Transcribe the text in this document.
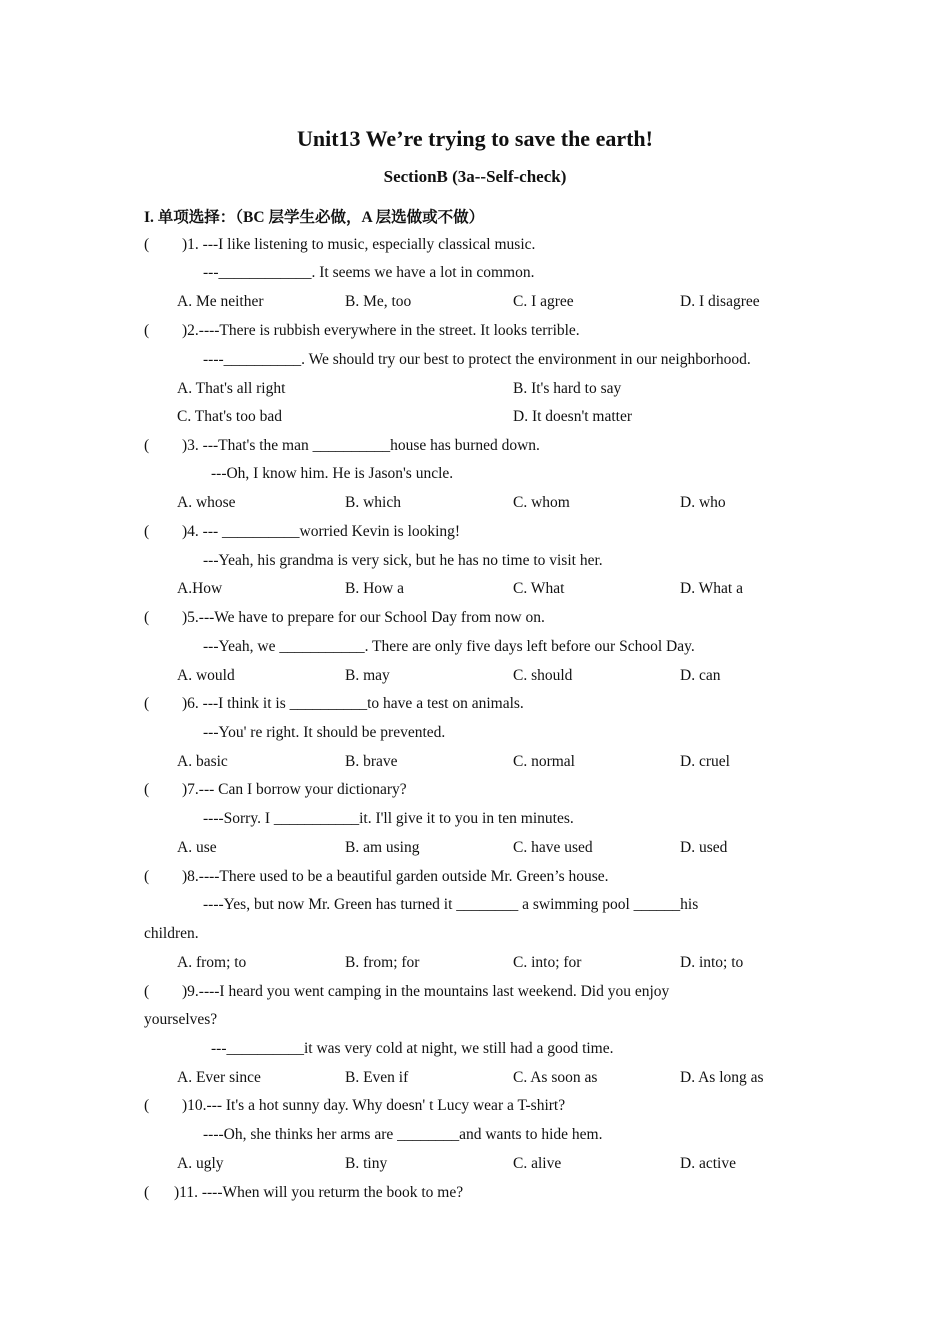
Unit13 We’re trying to save the earth!
SectionB (3a--Self-check)
I. 单项选择：（BC 层学生必做，A 层选做或不做）
( )1. ---I like listening to music, especially classical music.
---____________. It seems we have a lot in common.
A. Me neither	B. Me, too	C. I agree	D. I disagree
( )2.----There is rubbish everywhere in the street. It looks terrible.
----__________. We should try our best to protect the environment in our neighborhood.
A. That's all right	B. It's hard to say
C. That's too bad	D. It doesn't matter
( )3. ---That's the man __________house has burned down.
---Oh, I know him. He is Jason's uncle.
A. whose	B. which	C. whom	D. who
( )4. --- __________worried Kevin is looking!
---Yeah, his grandma is very sick, but he has no time to visit her.
A.How	B. How a	C. What	D. What a
( )5.---We have to prepare for our School Day from now on.
---Yeah, we ___________. There are only five days left before our School Day.
A. would	B. may	C. should	D. can
( )6. ---I think it is __________to have a test on animals.
---You' re right. It should be prevented.
A. basic	B. brave	C. normal	D. cruel
( )7.--- Can I borrow your dictionary?
----Sorry. I ___________it. I'll give it to you in ten minutes.
A. use	B. am using	C. have used	D. used
( )8.----There used to be a beautiful garden outside Mr. Green’s house.
----Yes, but now Mr. Green has turned it ________ a swimming pool ______his
children.
A. from; to	B. from; for	C. into; for	D. into; to
( )9.----I heard you went camping in the mountains last weekend. Did you enjoy
yourselves?
---__________it was very cold at night, we still had a good time.
A. Ever since	B. Even if	C. As soon as	D. As long as
( )10.--- It's a hot sunny day. Why doesn' t Lucy wear a T-shirt?
----Oh, she thinks her arms are ________and wants to hide hem.
A. ugly	B. tiny	C. alive	D. active
( )11. ----When will you returm the book to me?
